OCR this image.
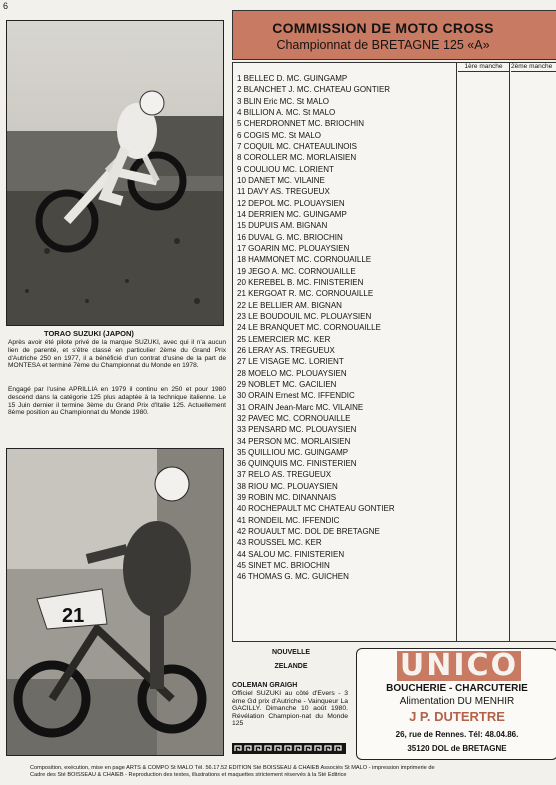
6
TORAO SUZUKI (JAPON)
Après avoir été pilote privé de la marque SUZUKI, avec qui il n'a aucun lien de parenté, et s'être classé en particulier 2ème du Grand Prix d'Autriche 250 en 1977, il a bénéficié d'un contrat d'usine de la part de MONTESA et terminé 7ème du Championnat du Monde en 1978.
Engagé par l'usine APRILLIA en 1979 il continu en 250 et pour 1980 descend dans la catégorie 125 plus adaptée à la technique italienne. Le 15 Juin dernier il termine 3ème du Grand Prix d'Italie 125. Actuellement 8ème position au Championnat du Monde 1980.
21
COMMISSION DE MOTO CROSS
Championnat de BRETAGNE 125 «A»
1ère manche	2ème manche
1 BELLEC D. MC. GUINGAMP
2 BLANCHET J. MC. CHATEAU GONTIER
3 BLIN Eric MC. St MALO
4 BILLION A. MC. St MALO
5 CHERDRONNET MC. BRIOCHIN
6 COGIS MC. St MALO
7 COQUIL MC. CHATEAULINOIS
8 COROLLER MC. MORLAISIEN
9 COULIOU MC. LORIENT
10 DANET MC. VILAINE
11 DAVY AS. TREGUEUX
12 DEPOL MC. PLOUAYSIEN
14 DERRIEN MC. GUINGAMP
15 DUPUIS AM. BIGNAN
16 DUVAL G. MC. BRIOCHIN
17 GOARIN MC. PLOUAYSIEN
18 HAMMONET MC. CORNOUAILLE
19 JEGO A. MC. CORNOUAILLE
20 KEREBEL B. MC. FINISTERIEN
21 KERGOAT R. MC. CORNOUAILLE
22 LE BELLIER AM. BIGNAN
23 LE BOUDOUIL MC. PLOUAYSIEN
24 LE BRANQUET MC. CORNOUAILLE
25 LEMERCIER MC. KER
26 LERAY AS. TREGUEUX
27 LE VISAGE MC. LORIENT
28 MOELO MC. PLOUAYSIEN
29 NOBLET MC. GACILIEN
30 ORAIN Ernest MC. IFFENDIC
31 ORAIN Jean-Marc MC. VILAINE
32 PAVEC MC. CORNOUAILLE
33 PENSARD MC. PLOUAYSIEN
34 PERSON MC. MORLAISIEN
35 QUILLIOU MC. GUINGAMP
36 QUINQUIS MC. FINISTERIEN
37 RELO AS. TREGUEUX
38 RIOU MC. PLOUAYSIEN
39 ROBIN MC. DINANNAIS
40 ROCHEPAULT MC CHATEAU GONTIER
41 RONDEIL MC. IFFENDIC
42 ROUAULT MC. DOL DE BRETAGNE
43 ROUSSEL MC. KER
44 SALOU MC. FINISTERIEN
45 SINET MC. BRIOCHIN
46 THOMAS G. MC. GUICHEN
NOUVELLE
ZELANDE
COLEMAN GRAIGH
Officiel SUZUKI au côté d'Evers - 3 ème Gd prix d'Autriche - Vainqueur La GACILLY. Dimanche 10 août 1980. Révélation Champion-nat du Monde 125
UNICO
BOUCHERIE - CHARCUTERIE
Alimentation DU MENHIR
J P. DUTERTRE
26, rue de Rennes. Tél: 48.04.86.
35120 DOL de BRETAGNE
Composition, exécution, mise en page ARTS & COMPO St MALO Tél. 56.17.52 EDITION Sté BOISSEAU & CHAIEB Associés St MALO - impression imprimerie de
Cadre des Sté BOISSEAU & CHAIEB - Reproduction des textes, illustrations et maquettes strictement réservés à la Sté Editrice
